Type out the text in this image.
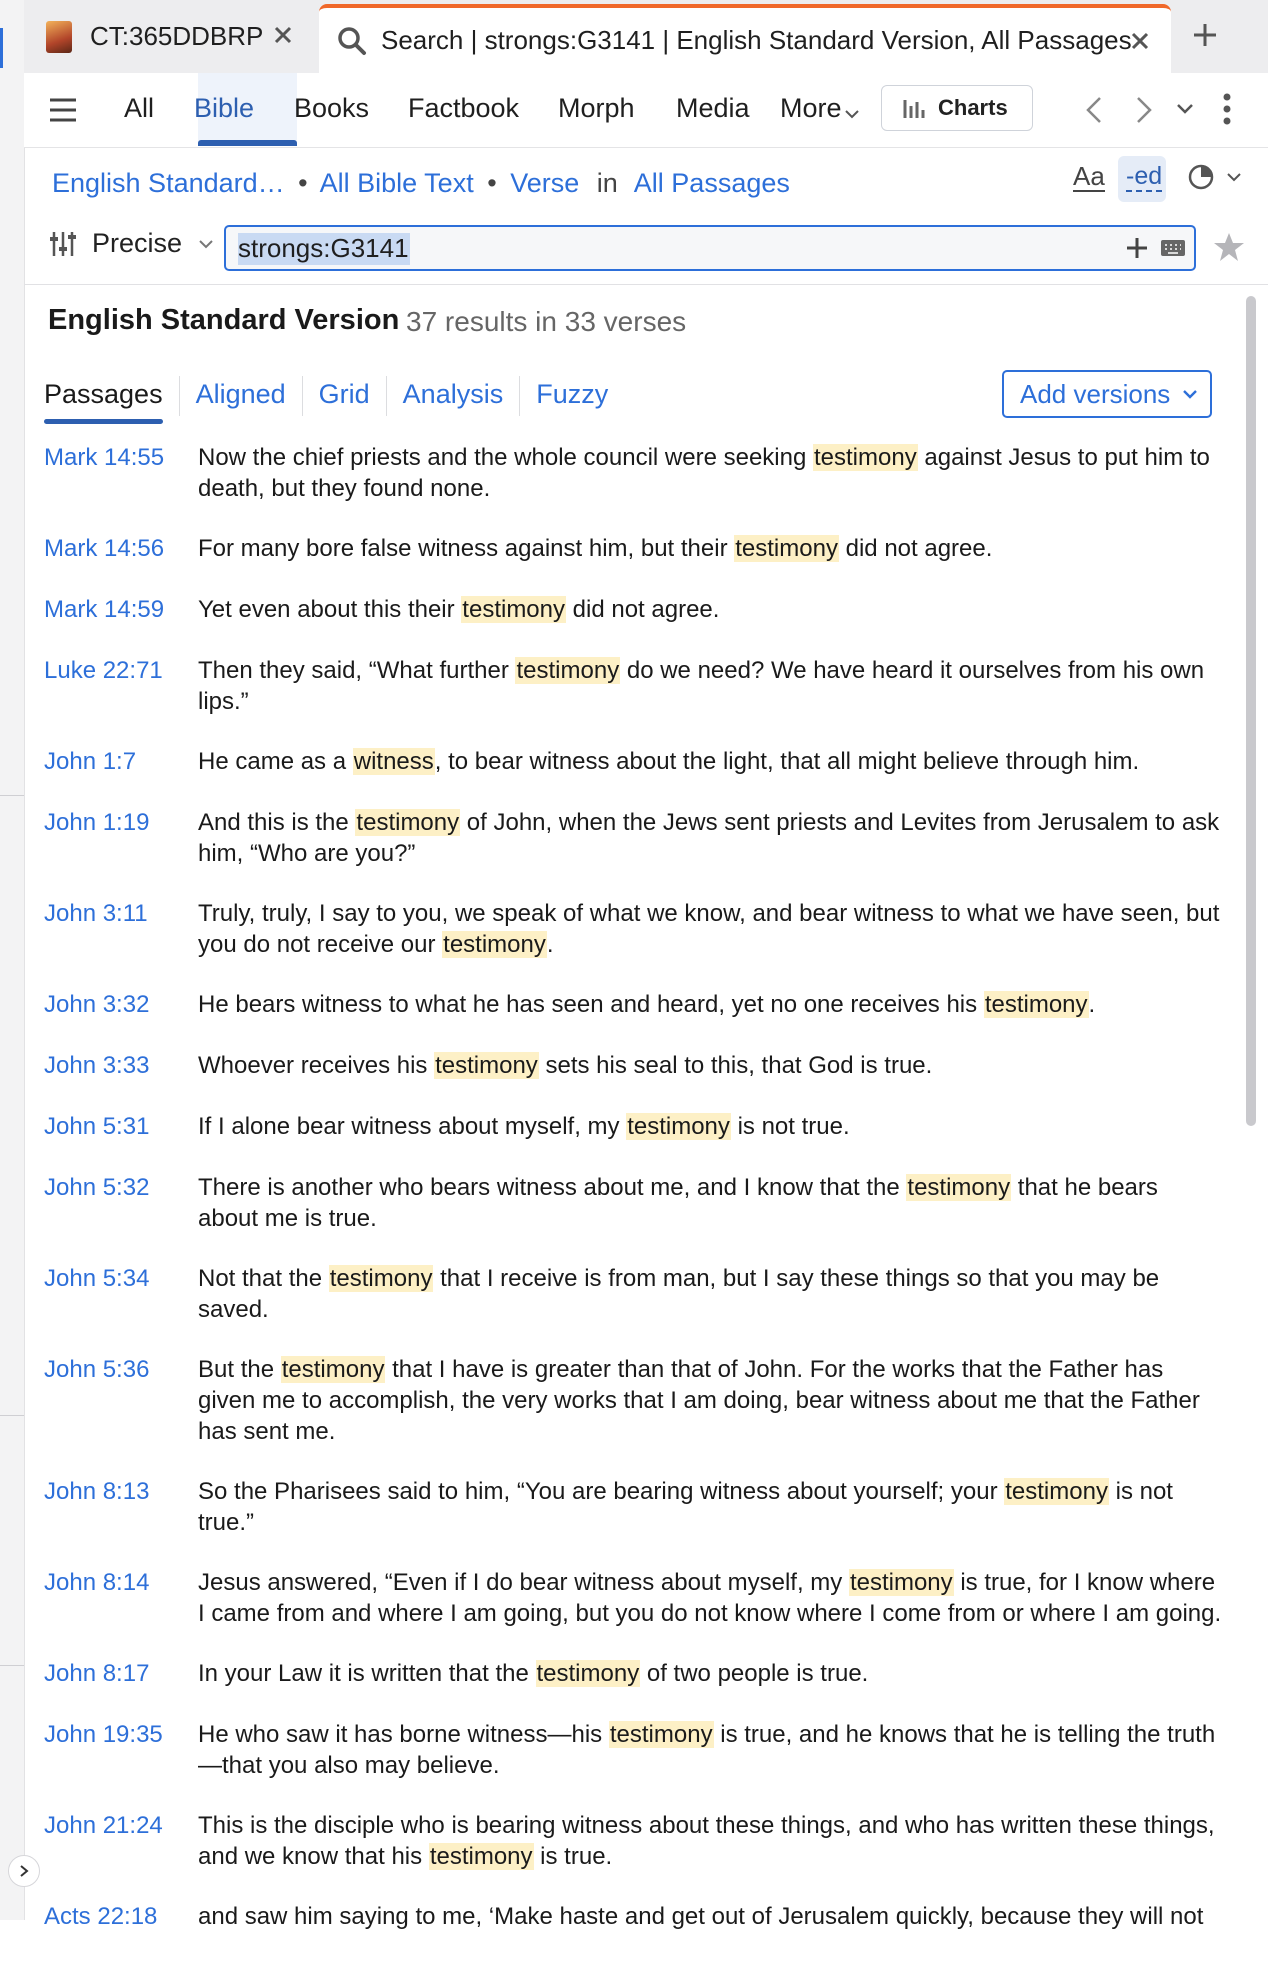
CT:365DDBRP	Search | strongs:G3141 | English Standard Version, All Passages
All Bible Books Factbook Morph Media More	Charts
English Standard… • All Bible Text • Verse in All Passages	Aa -ed
Precise
strongs:G3141
English Standard Version 37 results in 33 verses
Passages	Aligned	Grid	Analysis	Fuzzy	Add versions
Mark 14:55	Now the chief priests and the whole council were seeking testimony against Jesus to put him to death, but they found none.
Mark 14:56	For many bore false witness against him, but their testimony did not agree.
Mark 14:59	Yet even about this their testimony did not agree.
Luke 22:71	Then they said, “What further testimony do we need? We have heard it ourselves from his own lips.”
John 1:7	He came as a witness, to bear witness about the light, that all might believe through him.
John 1:19	And this is the testimony of John, when the Jews sent priests and Levites from Jerusalem to ask him, “Who are you?”
John 3:11	Truly, truly, I say to you, we speak of what we know, and bear witness to what we have seen, but you do not receive our testimony.
John 3:32	He bears witness to what he has seen and heard, yet no one receives his testimony.
John 3:33	Whoever receives his testimony sets his seal to this, that God is true.
John 5:31	If I alone bear witness about myself, my testimony is not true.
John 5:32	There is another who bears witness about me, and I know that the testimony that he bears about me is true.
John 5:34	Not that the testimony that I receive is from man, but I say these things so that you may be saved.
John 5:36	But the testimony that I have is greater than that of John. For the works that the Father has given me to accomplish, the very works that I am doing, bear witness about me that the Father has sent me.
John 8:13	So the Pharisees said to him, “You are bearing witness about yourself; your testimony is not true.”
John 8:14	Jesus answered, “Even if I do bear witness about myself, my testimony is true, for I know where I came from and where I am going, but you do not know where I come from or where I am going.
John 8:17	In your Law it is written that the testimony of two people is true.
John 19:35	He who saw it has borne witness—his testimony is true, and he knows that he is telling the truth—that you also may believe.
John 21:24	This is the disciple who is bearing witness about these things, and who has written these things, and we know that his testimony is true.
Acts 22:18	and saw him saying to me, ‘Make haste and get out of Jerusalem quickly, because they will not
